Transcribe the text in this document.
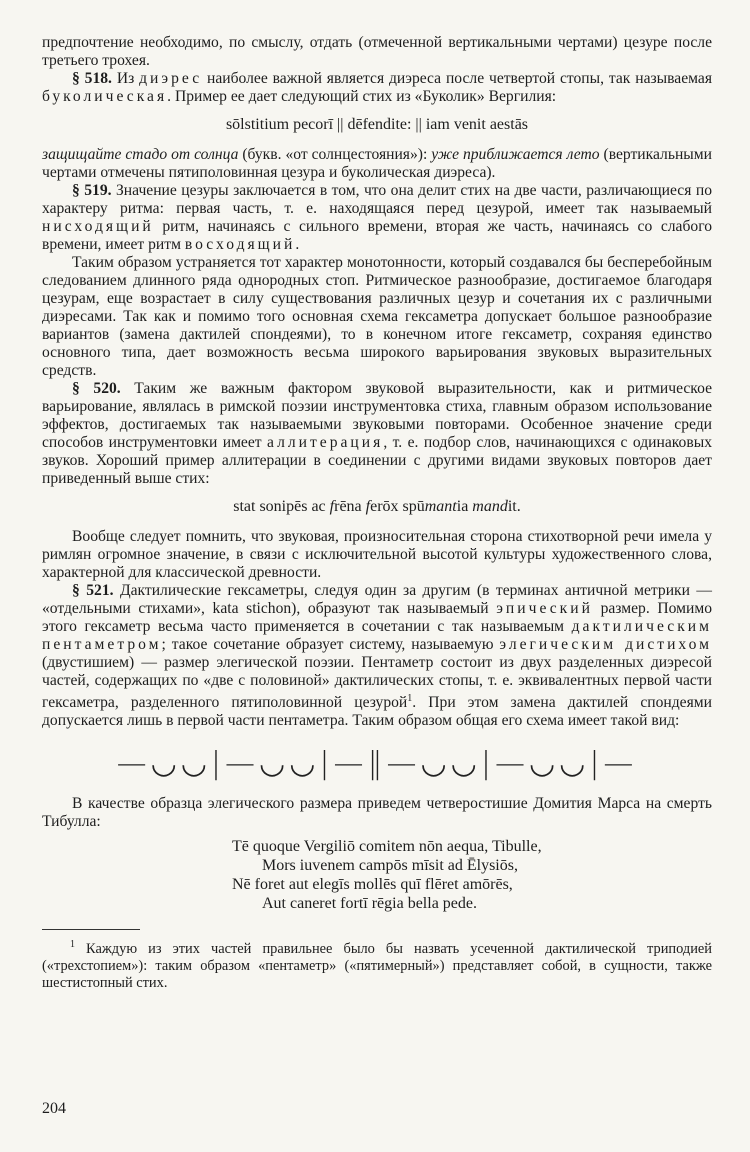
предпочтение необходимо, по смыслу, отдать (отмеченной вертикальными чертами) цезуре после третьего трохея.

§ 518. Из диэрес наиболее важной является диэреса после четвертой стопы, так называемая буколическая. Пример ее дает следующий стих из «Буколик» Вергилия:

sōlstitium pecorī || dēfendite: || iam venit aestās

защищайте стадо от солнца (букв. «от солнцестояния»): уже приближается лето (вертикальными чертами отмечены пятиполовинная цезура и буколическая диэреса).

§ 519. Значение цезуры заключается в том, что она делит стих на две части, различающиеся по характеру ритма: первая часть, т. е. находящаяся перед цезурой, имеет так называемый нисходящий ритм, начинаясь с сильного времени, вторая же часть, начинаясь со слабого времени, имеет ритм восходящий.

Таким образом устраняется тот характер монотонности, который создавался бы бесперебойным следованием длинного ряда однородных стоп. Ритмическое разнообразие, достигаемое благодаря цезурам, еще возрастает в силу существования различных цезур и сочетания их с различными диэресами. Так как и помимо того основная схема гексаметра допускает большое разнообразие вариантов (замена дактилей спондеями), то в конечном итоге гексаметр, сохраняя единство основного типа, дает возможность весьма широкого варьирования звуковых выразительных средств.

§ 520. Таким же важным фактором звуковой выразительности, как и ритмическое варьирование, являлась в римской поэзии инструментовка стиха, главным образом использование эффектов, достигаемых так называемыми звуковыми повторами. Особенное значение среди способов инструментовки имеет аллитерация, т. е. подбор слов, начинающихся с одинаковых звуков. Хороший пример аллитерации в соединении с другими видами звуковых повторов дает приведенный выше стих:

stat sonipēs ac frēna ferōx spūmantia mandit.

Вообще следует помнить, что звуковая, произносительная сторона стихотворной речи имела у римлян огромное значение, в связи с исключительной высотой культуры художественного слова, характерной для классической древности.

§ 521. Дактилические гексаметры, следуя один за другим (в терминах античной метрики — «отдельными стихами», kata stichon), образуют так называемый эпический размер. Помимо этого гексаметр весьма часто применяется в сочетании с так называемым дактилическим пентаметром; такое сочетание образует систему, называемую элегическим дистихом (двустишием) — размер элегической поэзии. Пентаметр состоит из двух разделенных диэресой частей, содержащих по «две с половиной» дактилических стопы, т. е. эквивалентных первой части гексаметра, разделенного пятиполовинной цезурой$^1$. При этом замена дактилей спондеями допускается лишь в первой части пентаметра. Таким образом общая его схема имеет такой вид:

—◡◡|—◡◡|—‖—◡◡|—◡◡|—

В качестве образца элегического размера приведем четверостишие Домития Марса на смерть Тибулла:

Tē quoque Vergiliō comitem nōn aequa, Tibulle,
Mors iuvenem campōs mīsit ad Ēlysiōs,
Nē foret aut elegīs mollēs quī flēret amōrēs,
Aut caneret fortī rēgia bella pede.

$^1$ Каждую из этих частей правильнее было бы назвать усеченной дактилической триподией («трехстопием»): таким образом «пентаметр» («пятимерный») представляет собой, в сущности, также шестистопный стих.

204
